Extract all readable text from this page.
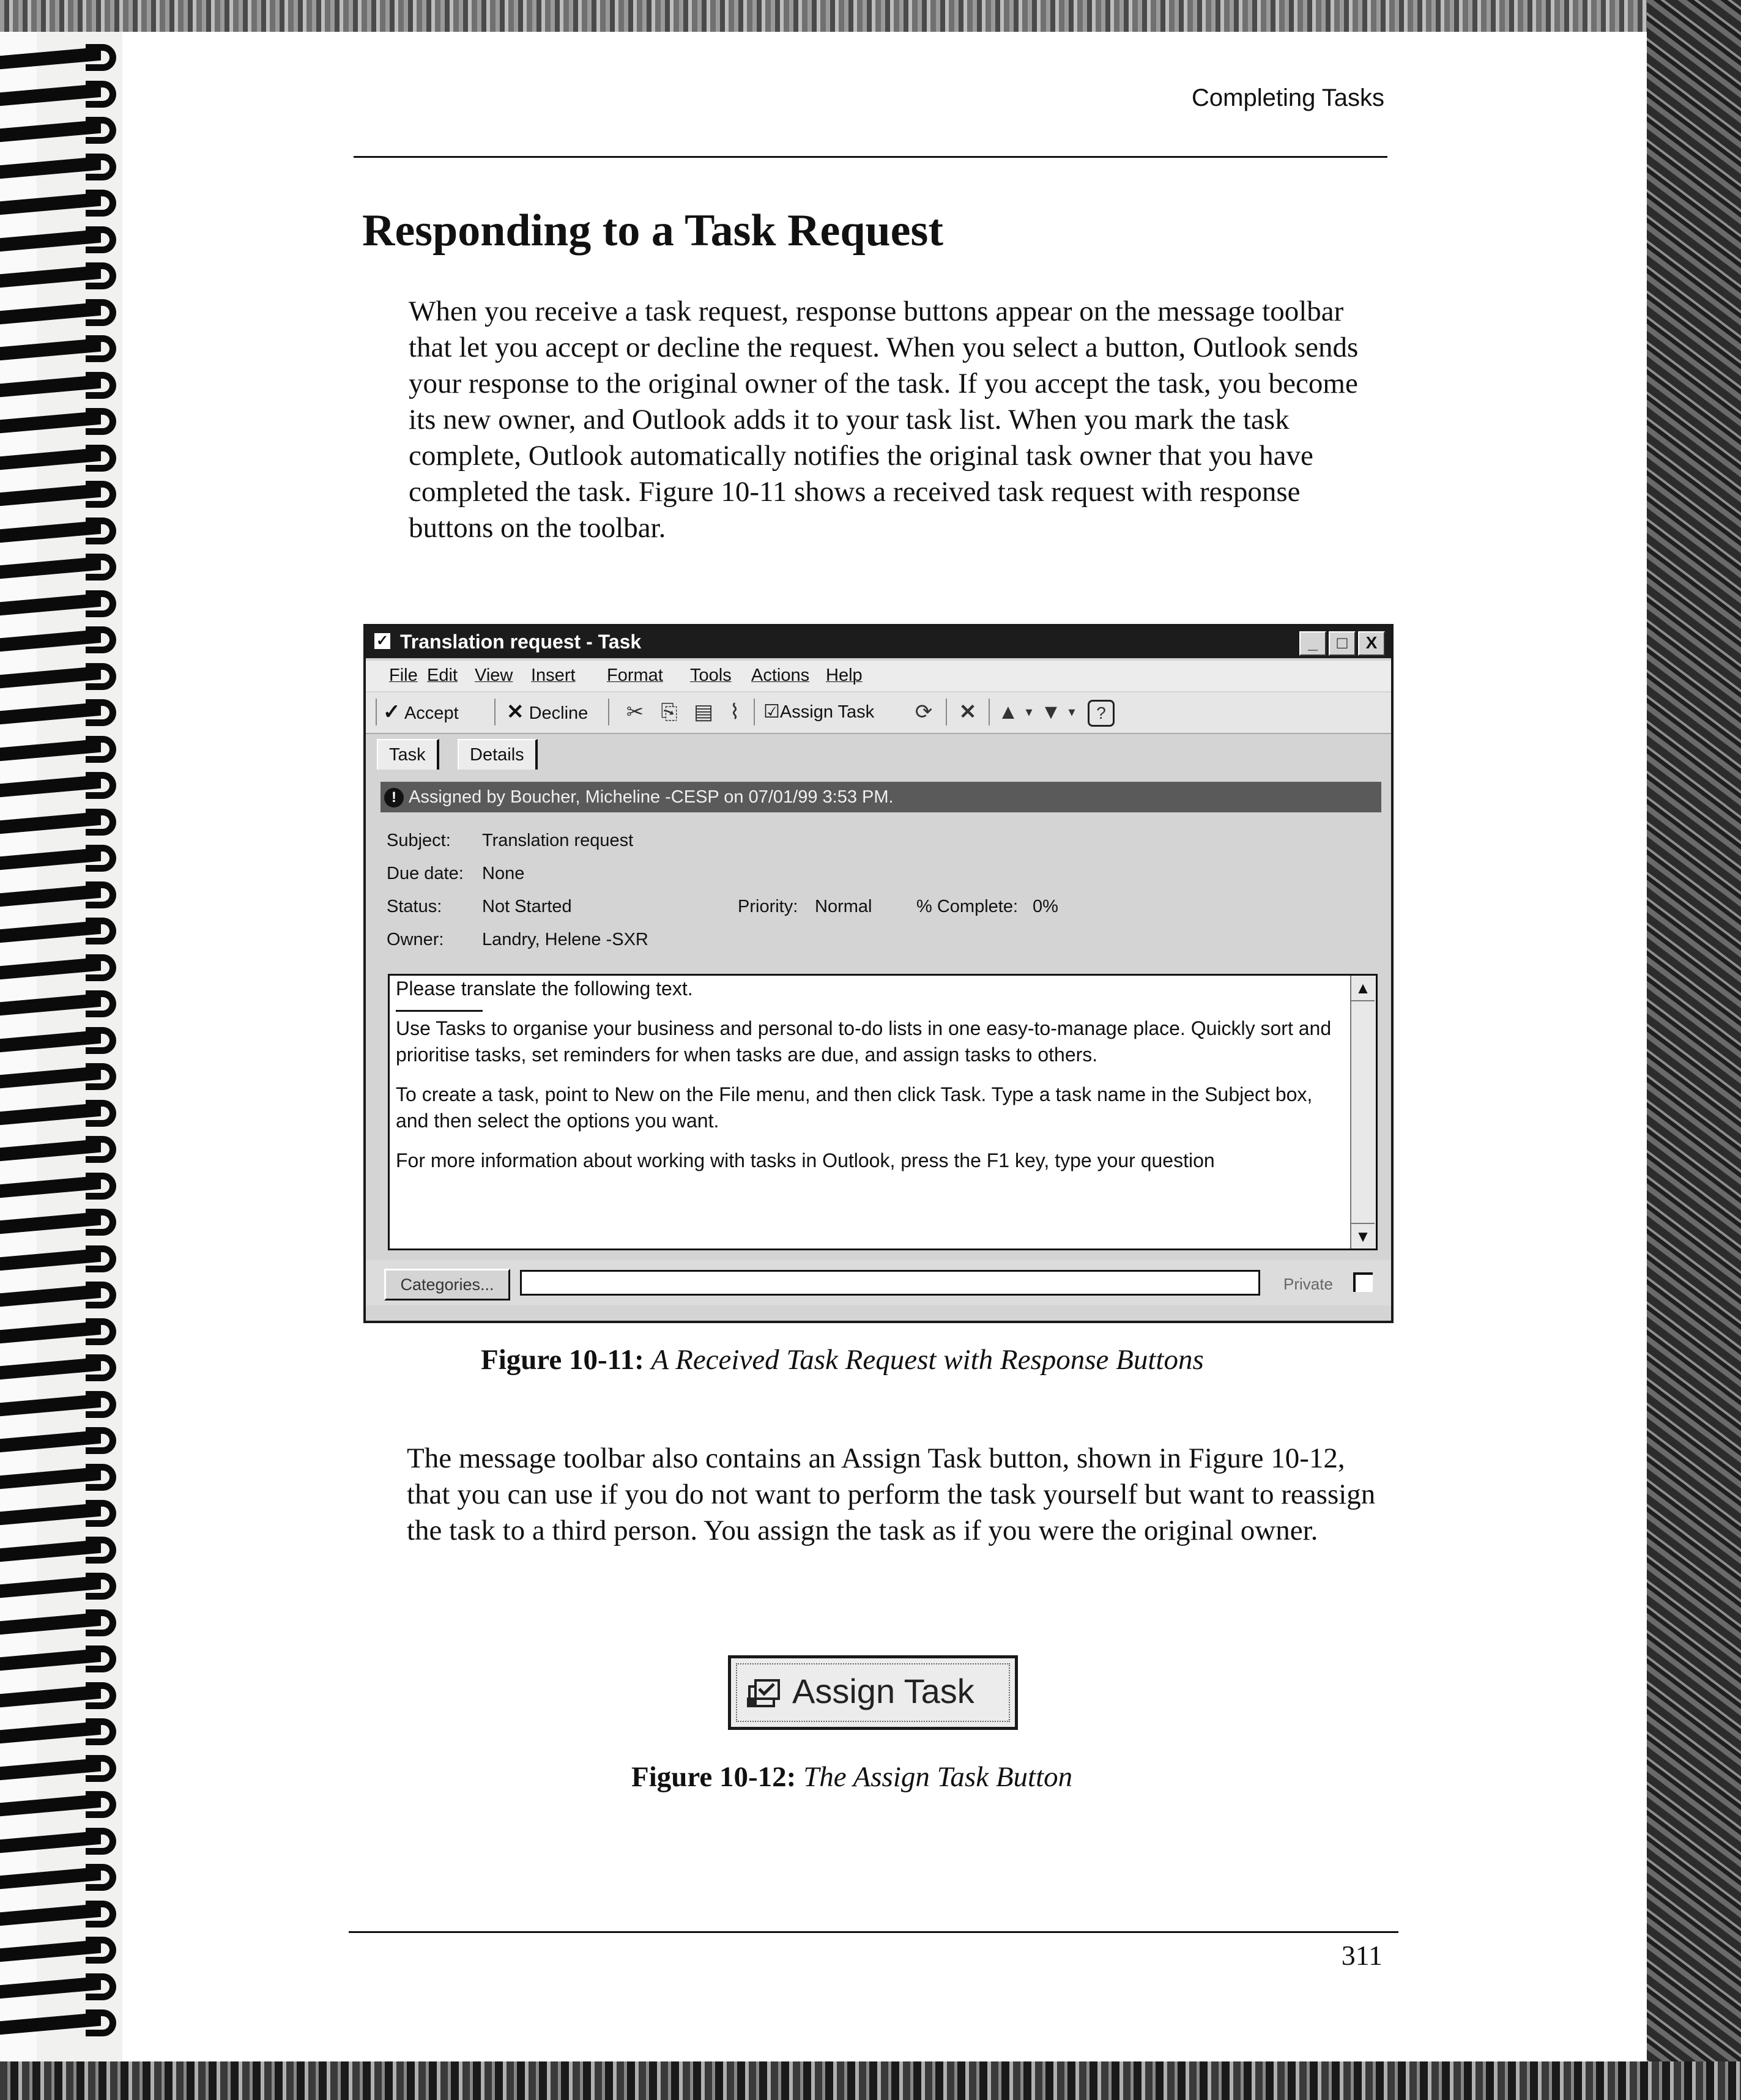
Completing Tasks
Responding to a Task Request
When you receive a task request, response buttons appear on the message toolbar that let you accept or decline the request. When you select a button, Outlook sends your response to the original owner of the task. If you accept the task, you become its new owner, and Outlook adds it to your task list. When you mark the task complete, Outlook automatically notifies the original task owner that you have completed the task. Figure 10-11 shows a received task request with response buttons on the toolbar.
✓ Translation request - Task	_ □ X
File Edit View Insert Format Tools Actions Help
✓ Accept ✕ Decline ✂ ⎘ ▤ ⌇ ☑Assign Task ⟳ ✕ ▲ ▾ ▼ ▾	?
Task	Details
! Assigned by Boucher, Micheline -CESP on 07/01/99 3:53 PM.
Subject: Translation request
Due date: None
Status: Not Started	Priority: Normal	% Complete: 0%
Owner: Landry, Helene -SXR

Please translate the following text.

Use Tasks to organise your business and personal to-do lists in one easy-to-manage place. Quickly sort and prioritise tasks, set reminders for when tasks are due, and assign tasks to others.

To create a task, point to New on the File menu, and then click Task. Type a task name in the Subject box, and then select the options you want.

For more information about working with tasks in Outlook, press the F1 key, type your question

▲
▼
Categories...	Private
Figure 10-11: A Received Task Request with Response Buttons
The message toolbar also contains an Assign Task button, shown in Figure 10-12, that you can use if you do not want to perform the task yourself but want to reassign the task to a third person. You assign the task as if you were the original owner.
Assign Task
Figure 10-12: The Assign Task Button
311
